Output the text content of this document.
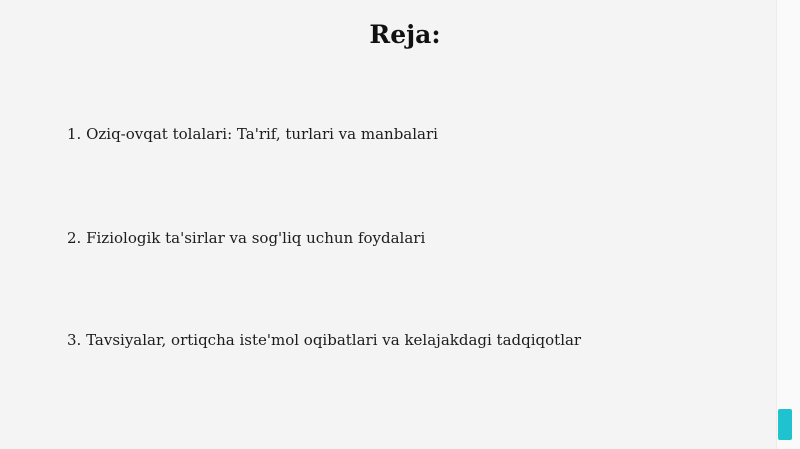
Reja:

1. Oziq-ovqat tolalari: Ta'rif, turlari va manbalari

2. Fiziologik ta'sirlar va sog'liq uchun foydalari

3. Tavsiyalar, ortiqcha iste'mol oqibatlari va kelajakdagi tadqiqotlar
